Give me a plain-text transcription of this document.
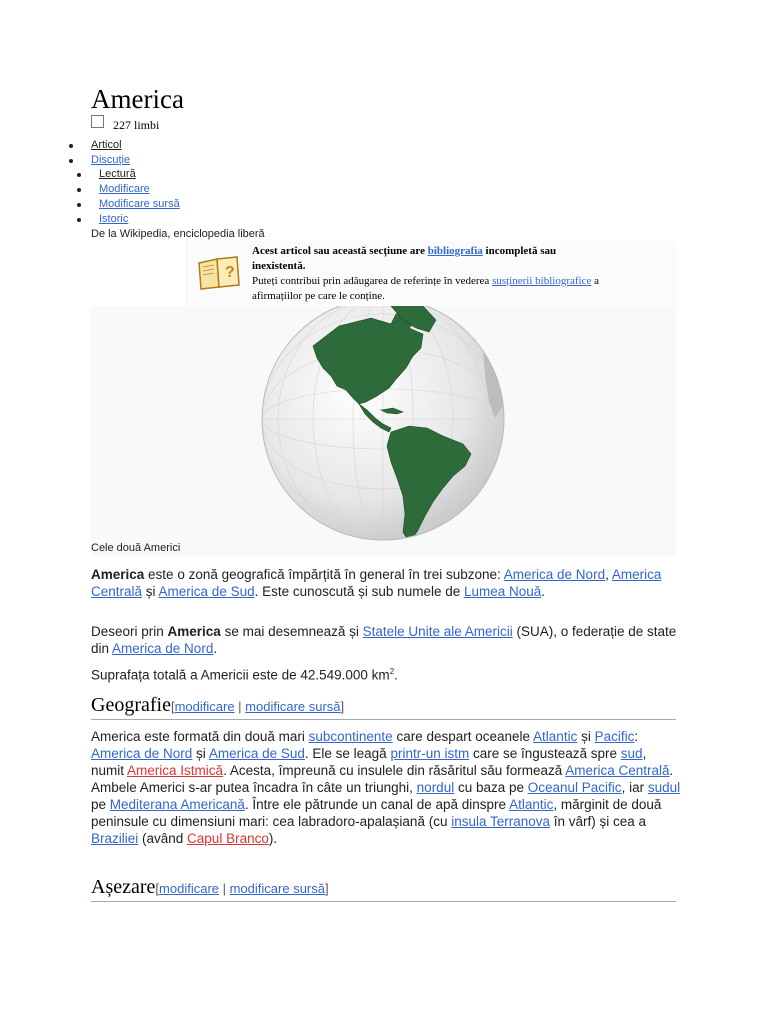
America
227 limbi
Articol
Discuție
Lectură
Modificare
Modificare sursă
Istoric
De la Wikipedia, enciclopedia liberă
?
Acest articol sau această secțiune are bibliografia incompletă sau inexistentă.
Puteți contribui prin adăugarea de referințe în vederea susținerii bibliografice a afirmațiilor pe care le conține.
Cele două Americi

America este o zonă geografică împărțită în general în trei subzone: America de Nord, America Centrală și America de Sud. Este cunoscută și sub numele de Lumea Nouă.

Deseori prin America se mai desemnează și Statele Unite ale Americii (SUA), o federație de state din America de Nord.

Suprafața totală a Americii este de 42.549.000 $km^2$.

Geografie[modificare | modificare sursă]

America este formată din două mari subcontinente care despart oceanele Atlantic și Pacific: America de Nord și America de Sud. Ele se leagă printr-un istm care se îngustează spre sud, numit America Istmică. Acesta, împreună cu insulele din răsăritul său formează America Centrală. Ambele Americi s-ar putea încadra în câte un triunghi, nordul cu baza pe Oceanul Pacific, iar sudul pe Mediterana Americană. Între ele pătrunde un canal de apă dinspre Atlantic, mărginit de două peninsule cu dimensiuni mari: cea labradoro-apalașiană (cu insula Terranova în vârf) și cea a Braziliei (având Capul Branco).

Așezare[modificare | modificare sursă]
